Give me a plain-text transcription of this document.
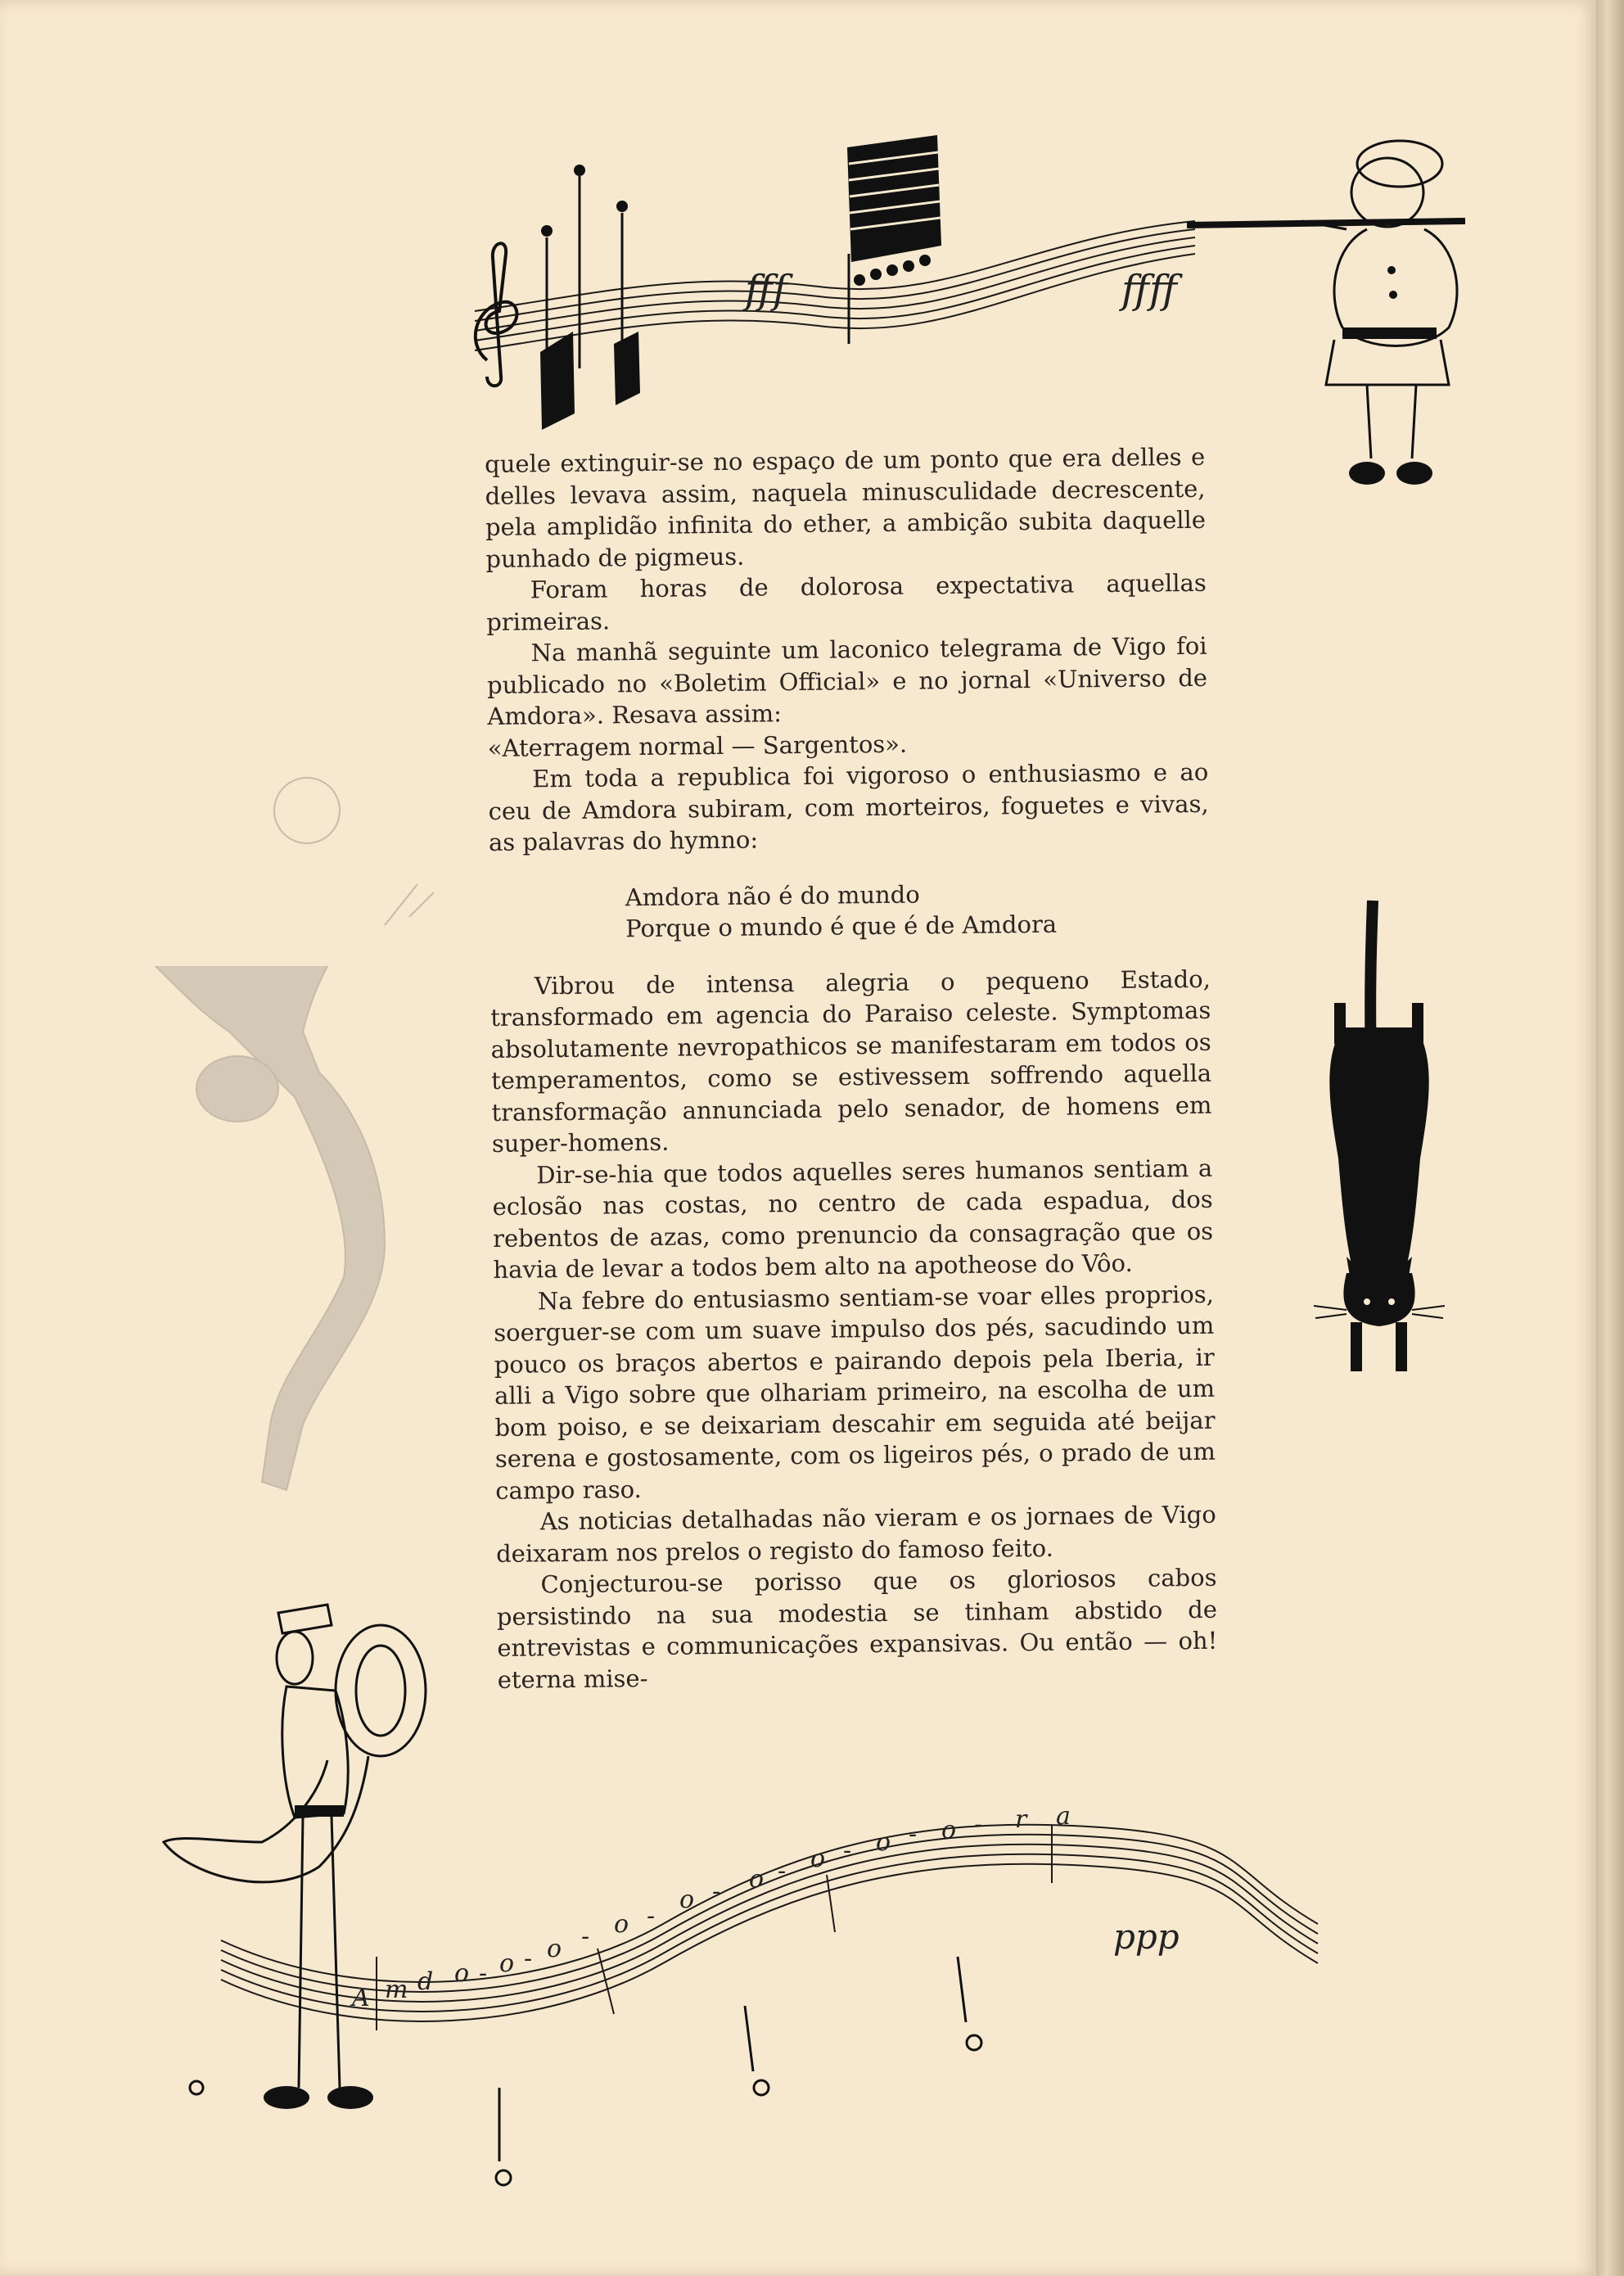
fff	ffff
A m d o - o - o - o -
o - o - o - o - o - r a
ppp

quele extinguir-se no espaço de um ponto que era delles e delles levava assim, naquela minusculidade decrescente, pela amplidão infinita do ether, a ambição subita daquelle punhado de pigmeus.

Foram horas de dolorosa expectativa aquellas primeiras.

Na manhã seguinte um laconico telegrama de Vigo foi publicado no «Boletim Official» e no jornal «Universo de Amdora». Resava assim:

«Aterragem normal — Sargentos».

Em toda a republica foi vigoroso o enthusiasmo e ao ceu de Amdora subiram, com morteiros, foguetes e vivas, as palavras do hymno:

Amdora não é do mundo
Porque o mundo é que é de Amdora

Vibrou de intensa alegria o pequeno Estado, transformado em agencia do Paraiso celeste. Symptomas absolutamente nevropathicos se manifestaram em todos os temperamentos, como se estivessem soffrendo aquella transformação annunciada pelo senador, de homens em super-homens.

Dir-se-hia que todos aquelles seres humanos sentiam a eclosão nas costas, no centro de cada espadua, dos rebentos de azas, como prenuncio da consagração que os havia de levar a todos bem alto na apotheose do Vôo.

Na febre do entusiasmo sentiam-se voar elles proprios, soerguer-se com um suave impulso dos pés, sacudindo um pouco os braços abertos e pairando depois pela Iberia, ir alli a Vigo sobre que olhariam primeiro, na escolha de um bom poiso, e se deixariam descahir em seguida até beijar serena e gostosamente, com os ligeiros pés, o prado de um campo raso.

As noticias detalhadas não vieram e os jornaes de Vigo deixaram nos prelos o registo do famoso feito.

Conjecturou-se porisso que os gloriosos cabos persistindo na sua modestia se tinham abstido de entrevistas e communicações expansivas. Ou então — oh! eterna mise-
